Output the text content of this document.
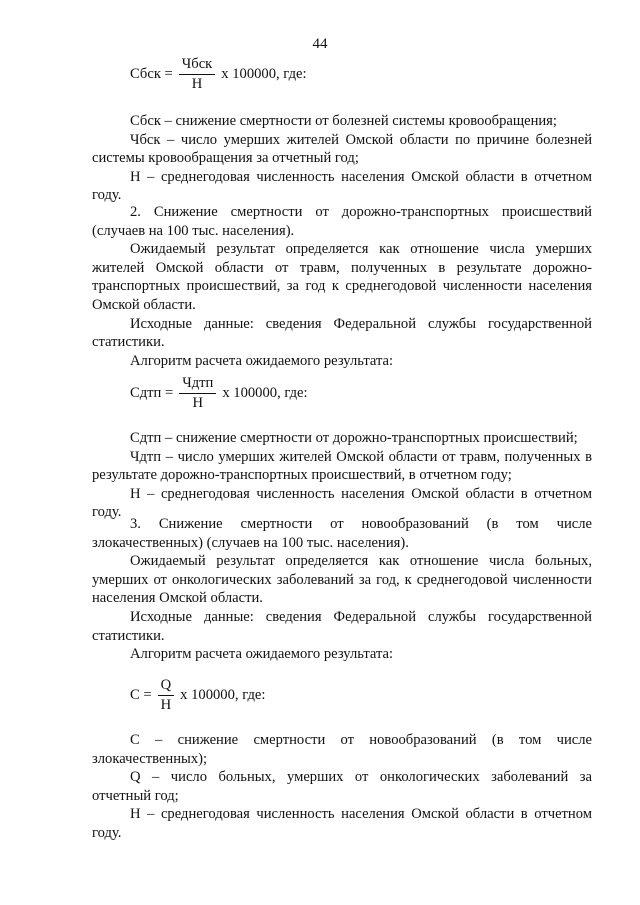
44
Сбск = $\frac{\text{Чбск}}{Н}$ х 100000, где:

Сбск – снижение смертности от болезней системы кровообращения;

Чбск – число умерших жителей Омской области по причине болезней системы кровообращения за отчетный год;

Н – среднегодовая численность населения Омской области в отчетном году.

2. Снижение смертности от дорожно-транспортных происшествий (случаев на 100 тыс. населения).

Ожидаемый результат определяется как отношение числа умерших жителей Омской области от травм, полученных в результате дорожно-транспортных происшествий, за год к среднегодовой численности населения Омской области.

Исходные данные: сведения Федеральной службы государственной статистики.

Алгоритм расчета ожидаемого результата:

Сдтп = $\frac{\text{Чдтп}}{Н}$ х 100000, где:

Сдтп – снижение смертности от дорожно-транспортных происшествий;

Чдтп – число умерших жителей Омской области от травм, полученных в результате дорожно-транспортных происшествий, в отчетном году;

Н – среднегодовая численность населения Омской области в отчетном году.

3. Снижение смертности от новообразований (в том числе злокачественных) (случаев на 100 тыс. населения).

Ожидаемый результат определяется как отношение числа больных, умерших от онкологических заболеваний за год, к среднегодовой численности населения Омской области.

Исходные данные: сведения Федеральной службы государственной статистики.

Алгоритм расчета ожидаемого результата:

$С = \frac{Q}{Н}$ х 100000, где:

С – снижение смертности от новообразований (в том числе злокачественных);

Q – число больных, умерших от онкологических заболеваний за отчетный год;

Н – среднегодовая численность населения Омской области в отчетном году.
